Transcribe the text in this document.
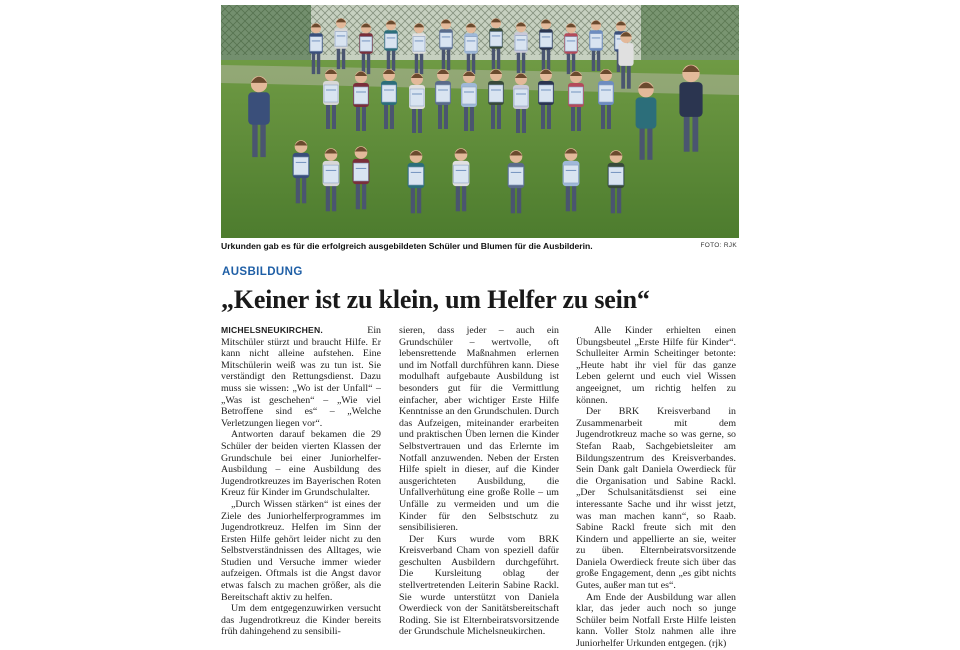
Urkunden gab es für die erfolgreich ausgebildeten Schüler und Blumen für die Ausbilderin.	FOTO: RJK
AUSBILDUNG
„Keiner ist zu klein, um Helfer zu sein“

MICHELSNEUKIRCHEN. Ein Mitschüler stürzt und braucht Hilfe. Er kann nicht alleine aufstehen. Eine Mitschülerin weiß was zu tun ist. Sie verständigt den Rettungsdienst. Dazu muss sie wissen: „Wo ist der Unfall“ – „Was ist geschehen“ – „Wie viel Betroffene sind es“ – „Welche Verletzungen liegen vor“.

Antworten darauf bekamen die 29 Schüler der beiden vierten Klassen der Grundschule bei einer Juniorhelfer-Ausbildung – eine Ausbildung des Jugendrotkreuzes im Bayerischen Roten Kreuz für Kinder im Grundschulalter.

„Durch Wissen stärken“ ist eines der Ziele des Juniorhelferprogrammes im Jugendrotkreuz. Helfen im Sinn der Ersten Hilfe gehört leider nicht zu den Selbstverständnissen des Alltages, wie Studien und Versuche immer wieder aufzeigen. Oftmals ist die Angst davor etwas falsch zu machen größer, als die Bereitschaft aktiv zu helfen.

Um dem entgegenzuwirken versucht das Jugendrotkreuz die Kinder bereits früh dahingehend zu sensibili-

sieren, dass jeder – auch ein Grundschüler – wertvolle, oft lebensrettende Maßnahmen erlernen und im Notfall durchführen kann. Diese modulhaft aufgebaute Ausbildung ist besonders gut für die Vermittlung einfacher, aber wichtiger Erste Hilfe Kenntnisse an den Grundschulen. Durch das Aufzeigen, miteinander erarbeiten und praktischen Üben lernen die Kinder Selbstvertrauen und das Erlernte im Notfall anzuwenden. Neben der Ersten Hilfe spielt in dieser, auf die Kinder ausgerichteten Ausbildung, die Unfallverhütung eine große Rolle – um Unfälle zu vermeiden und um die Kinder für den Selbstschutz zu sensibilisieren.

Der Kurs wurde vom BRK Kreisverband Cham von speziell dafür geschulten Ausbildern durchgeführt. Die Kursleitung oblag der stellvertretenden Leiterin Sabine Rackl. Sie wurde unterstützt von Daniela Owerdieck von der Sanitätsbereitschaft Roding. Sie ist Elternbeiratsvorsitzende der Grundschule Michelsneukirchen.

Alle Kinder erhielten einen Übungsbeutel „Erste Hilfe für Kinder“. Schulleiter Armin Scheitinger betonte: „Heute habt ihr viel für das ganze Leben gelernt und euch viel Wissen angeeignet, um richtig helfen zu können.

Der BRK Kreisverband in Zusammenarbeit mit dem Jugendrotkreuz mache so was gerne, so Stefan Raab, Sachgebietsleiter am Bildungszentrum des Kreisverbandes. Sein Dank galt Daniela Owerdieck für die Organisation und Sabine Rackl. „Der Schulsanitätsdienst sei eine interessante Sache und ihr wisst jetzt, was man machen kann“, so Raab. Sabine Rackl freute sich mit den Kindern und appellierte an sie, weiter zu üben. Elternbeiratsvorsitzende Daniela Owerdieck freute sich über das große Engagement, denn „es gibt nichts Gutes, außer man tut es“.

Am Ende der Ausbildung war allen klar, das jeder auch noch so junge Schüler beim Notfall Erste Hilfe leisten kann. Voller Stolz nahmen alle ihre Juniorhelfer Urkunden entgegen. (rjk)
